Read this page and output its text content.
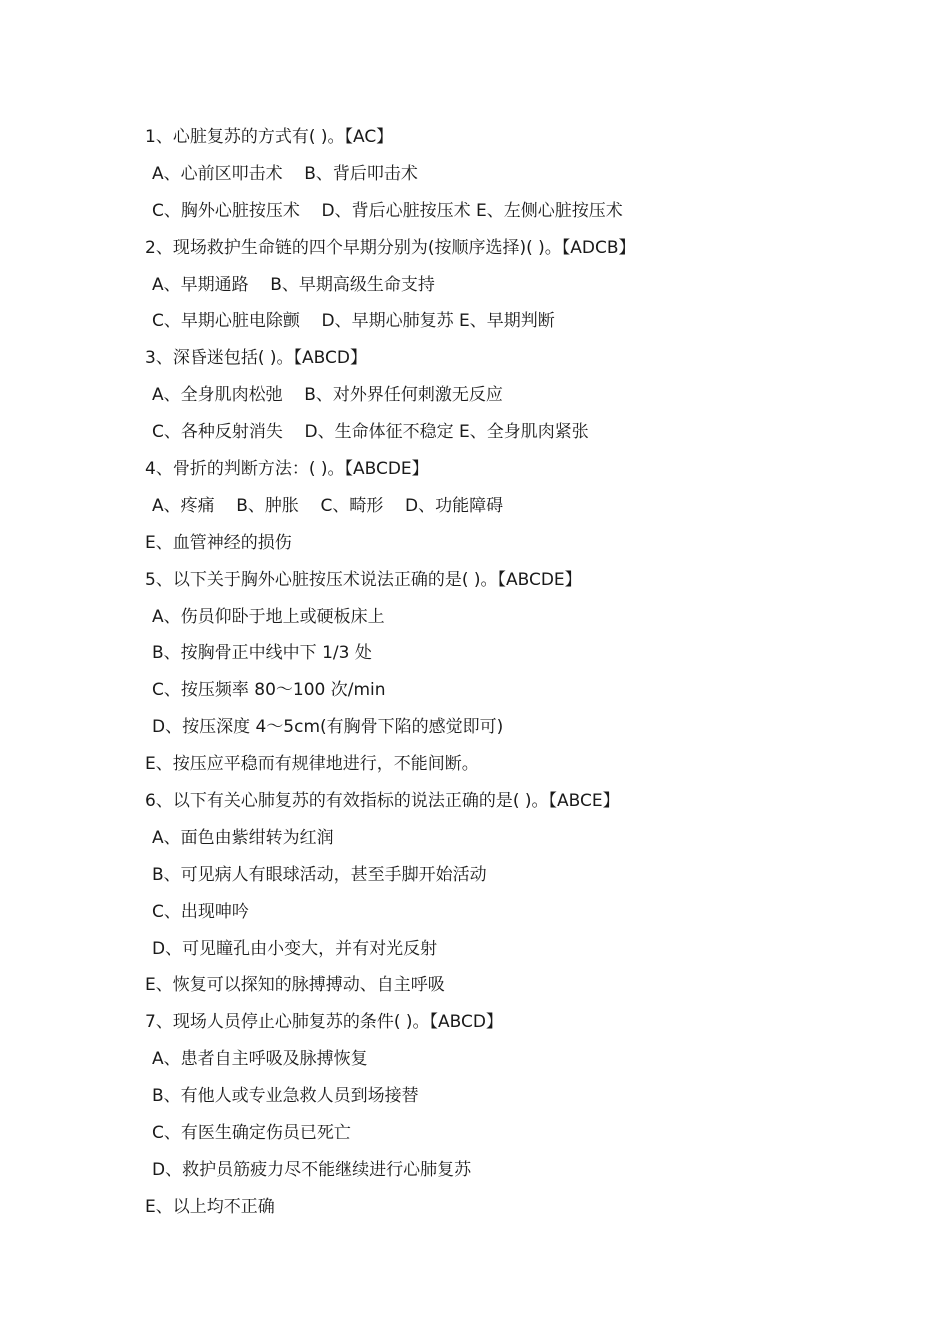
1、心脏复苏的方式有( )。【AC】
A、心前区叩击术    B、背后叩击术
C、胸外心脏按压术    D、背后心脏按压术 E、左侧心脏按压术
2、现场救护生命链的四个早期分别为(按顺序选择)( )。【ADCB】
A、早期通路    B、早期高级生命支持
C、早期心脏电除颤    D、早期心肺复苏 E、早期判断
3、深昏迷包括( )。【ABCD】
A、全身肌肉松弛    B、对外界任何刺激无反应
C、各种反射消失    D、生命体征不稳定 E、全身肌肉紧张
4、骨折的判断方法：( )。【ABCDE】
A、疼痛    B、肿胀    C、畸形    D、功能障碍
E、血管神经的损伤
5、以下关于胸外心脏按压术说法正确的是( )。【ABCDE】
A、伤员仰卧于地上或硬板床上
B、按胸骨正中线中下 1/3 处
C、按压频率 80～100 次/min
D、按压深度 4～5cm(有胸骨下陷的感觉即可)
E、按压应平稳而有规律地进行，不能间断。
6、以下有关心肺复苏的有效指标的说法正确的是( )。【ABCE】
A、面色由紫绀转为红润
B、可见病人有眼球活动，甚至手脚开始活动
C、出现呻吟
D、可见瞳孔由小变大，并有对光反射
E、恢复可以探知的脉搏搏动、自主呼吸
7、现场人员停止心肺复苏的条件( )。【ABCD】
A、患者自主呼吸及脉搏恢复
B、有他人或专业急救人员到场接替
C、有医生确定伤员已死亡
D、救护员筋疲力尽不能继续进行心肺复苏
E、以上均不正确
